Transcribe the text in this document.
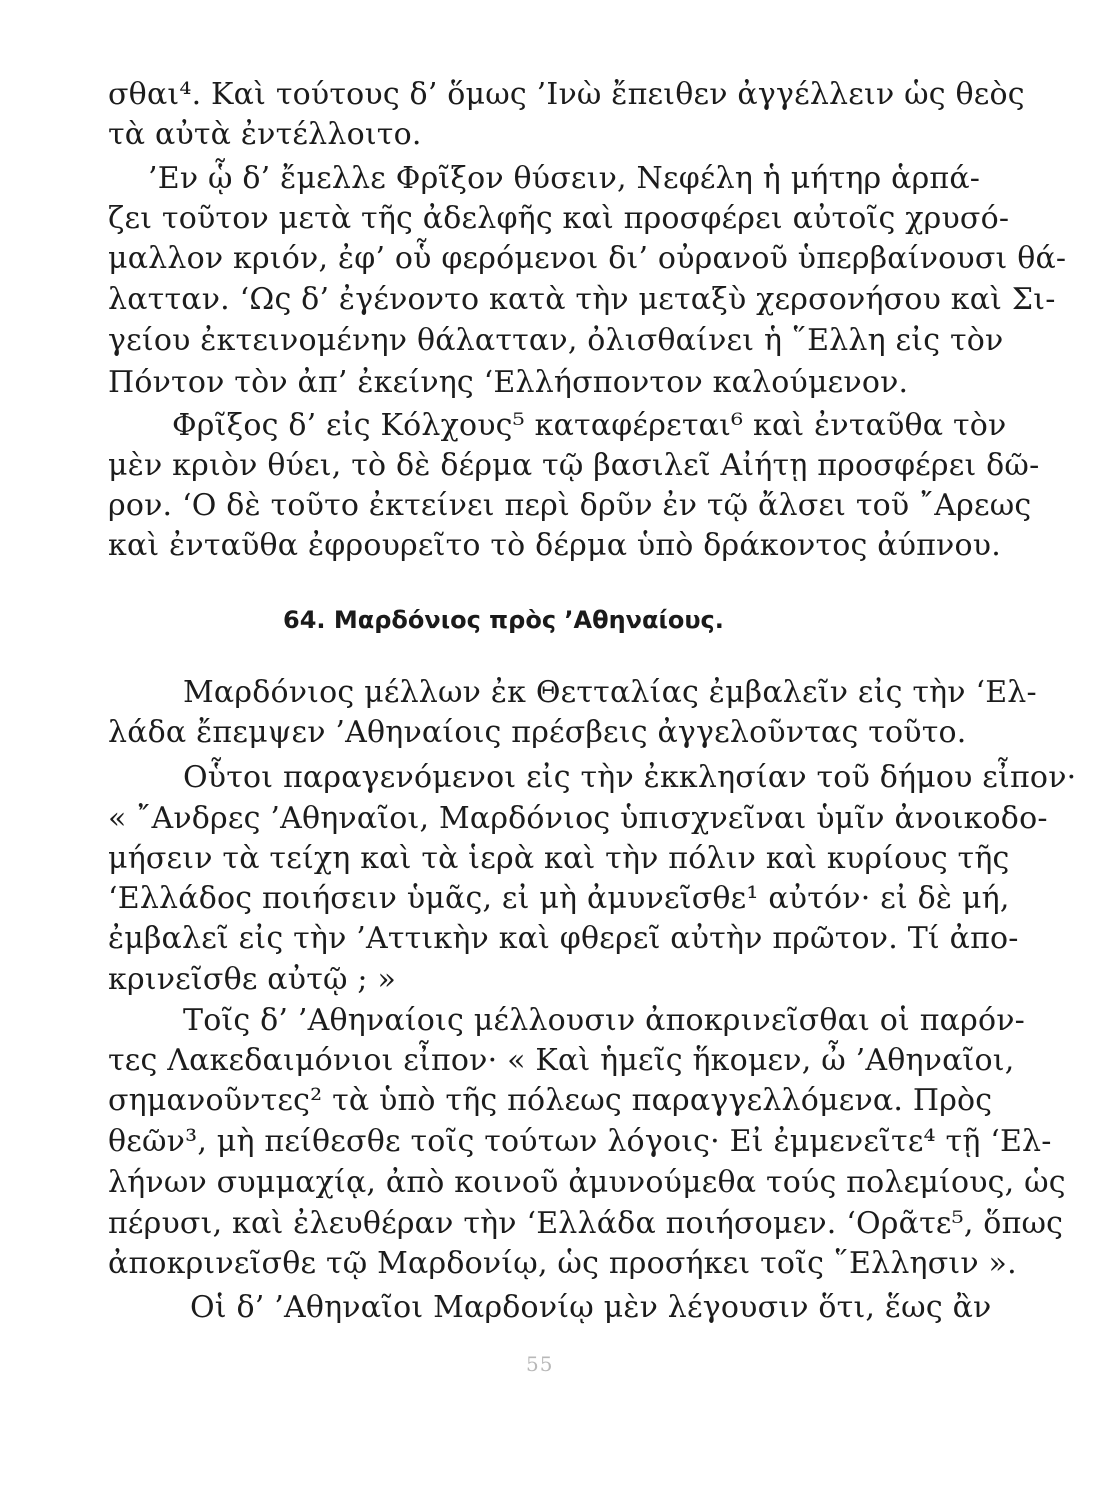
σθαι⁴. Καὶ τούτους δ’ ὅμως ’Ινὼ ἔπειθεν ἀγγέλλειν ὡς θεὸς
τὰ αὐτὰ ἐντέλλοιτο.
’Εν ᾧ δ’ ἔμελλε Φρῖξον θύσειν, Νεφέλη ἡ μήτηρ ἁρπά-
ζει τοῦτον μετὰ τῆς ἀδελφῆς καὶ προσφέρει αὐτοῖς χρυσό-
μαλλον κριόν, ἐφ’ οὗ φερόμενοι δι’ οὐρανοῦ ὑπερβαίνουσι θά-
λατταν. ‘Ως δ’ ἐγένοντο κατὰ τὴν μεταξὺ χερσονήσου καὶ Σι-
γείου ἐκτεινομένην θάλατταν, ὀλισθαίνει ἡ ῞Ελλη εἰς τὸν
Πόντον τὸν ἀπ’ ἐκείνης ‘Ελλήσποντον καλούμενον.
Φρῖξος δ’ εἰς Κόλχους⁵ καταφέρεται⁶ καὶ ἐνταῦθα τὸν
μὲν κριὸν θύει, τὸ δὲ δέρμα τῷ βασιλεῖ Αἰήτῃ προσφέρει δῶ-
ρον. ‘Ο δὲ τοῦτο ἐκτείνει περὶ δρῦν ἐν τῷ ἄλσει τοῦ ῎Αρεως
καὶ ἐνταῦθα ἐφρουρεῖτο τὸ δέρμα ὑπὸ δράκοντος ἀύπνου.
64. Μαρδόνιος πρὸς ’Αθηναίους.
Μαρδόνιος μέλλων ἐκ Θετταλίας ἐμβαλεῖν εἰς τὴν ‘Ελ-
λάδα ἔπεμψεν ’Αθηναίοις πρέσβεις ἀγγελοῦντας τοῦτο.
Οὗτοι παραγενόμενοι εἰς τὴν ἐκκλησίαν τοῦ δήμου εἶπον·
« ῎Ανδρες ’Αθηναῖοι, Μαρδόνιος ὑπισχνεῖναι ὑμῖν ἀνοικοδο-
μήσειν τὰ τείχη καὶ τὰ ἱερὰ καὶ τὴν πόλιν καὶ κυρίους τῆς
‘Ελλάδος ποιήσειν ὑμᾶς, εἰ μὴ ἀμυνεῖσθε¹ αὐτόν· εἰ δὲ μή,
ἐμβαλεῖ εἰς τὴν ’Αττικὴν καὶ φθερεῖ αὐτὴν πρῶτον. Τί ἀπο-
κρινεῖσθε αὐτῷ ; »
Τοῖς δ’ ’Αθηναίοις μέλλουσιν ἀποκρινεῖσθαι οἱ παρόν-
τες Λακεδαιμόνιοι εἶπον· « Καὶ ἡμεῖς ἥκομεν, ὦ ’Αθηναῖοι,
σημανοῦντες² τὰ ὑπὸ τῆς πόλεως παραγγελλόμενα. Πρὸς
θεῶν³, μὴ πείθεσθε τοῖς τούτων λόγοις· Εἰ ἐμμενεῖτε⁴ τῇ ‘Ελ-
λήνων συμμαχίᾳ, ἀπὸ κοινοῦ ἀμυνούμεθα τούς πολεμίους, ὡς
πέρυσι, καὶ ἐλευθέραν τὴν ‘Ελλάδα ποιήσομεν. ‘Ορᾶτε⁵, ὅπως
ἀποκρινεῖσθε τῷ Μαρδονίῳ, ὡς προσήκει τοῖς ῞Ελλησιν ».
Οἱ δ’ ’Αθηναῖοι Μαρδονίῳ μὲν λέγουσιν ὅτι, ἕως ἂν
55
